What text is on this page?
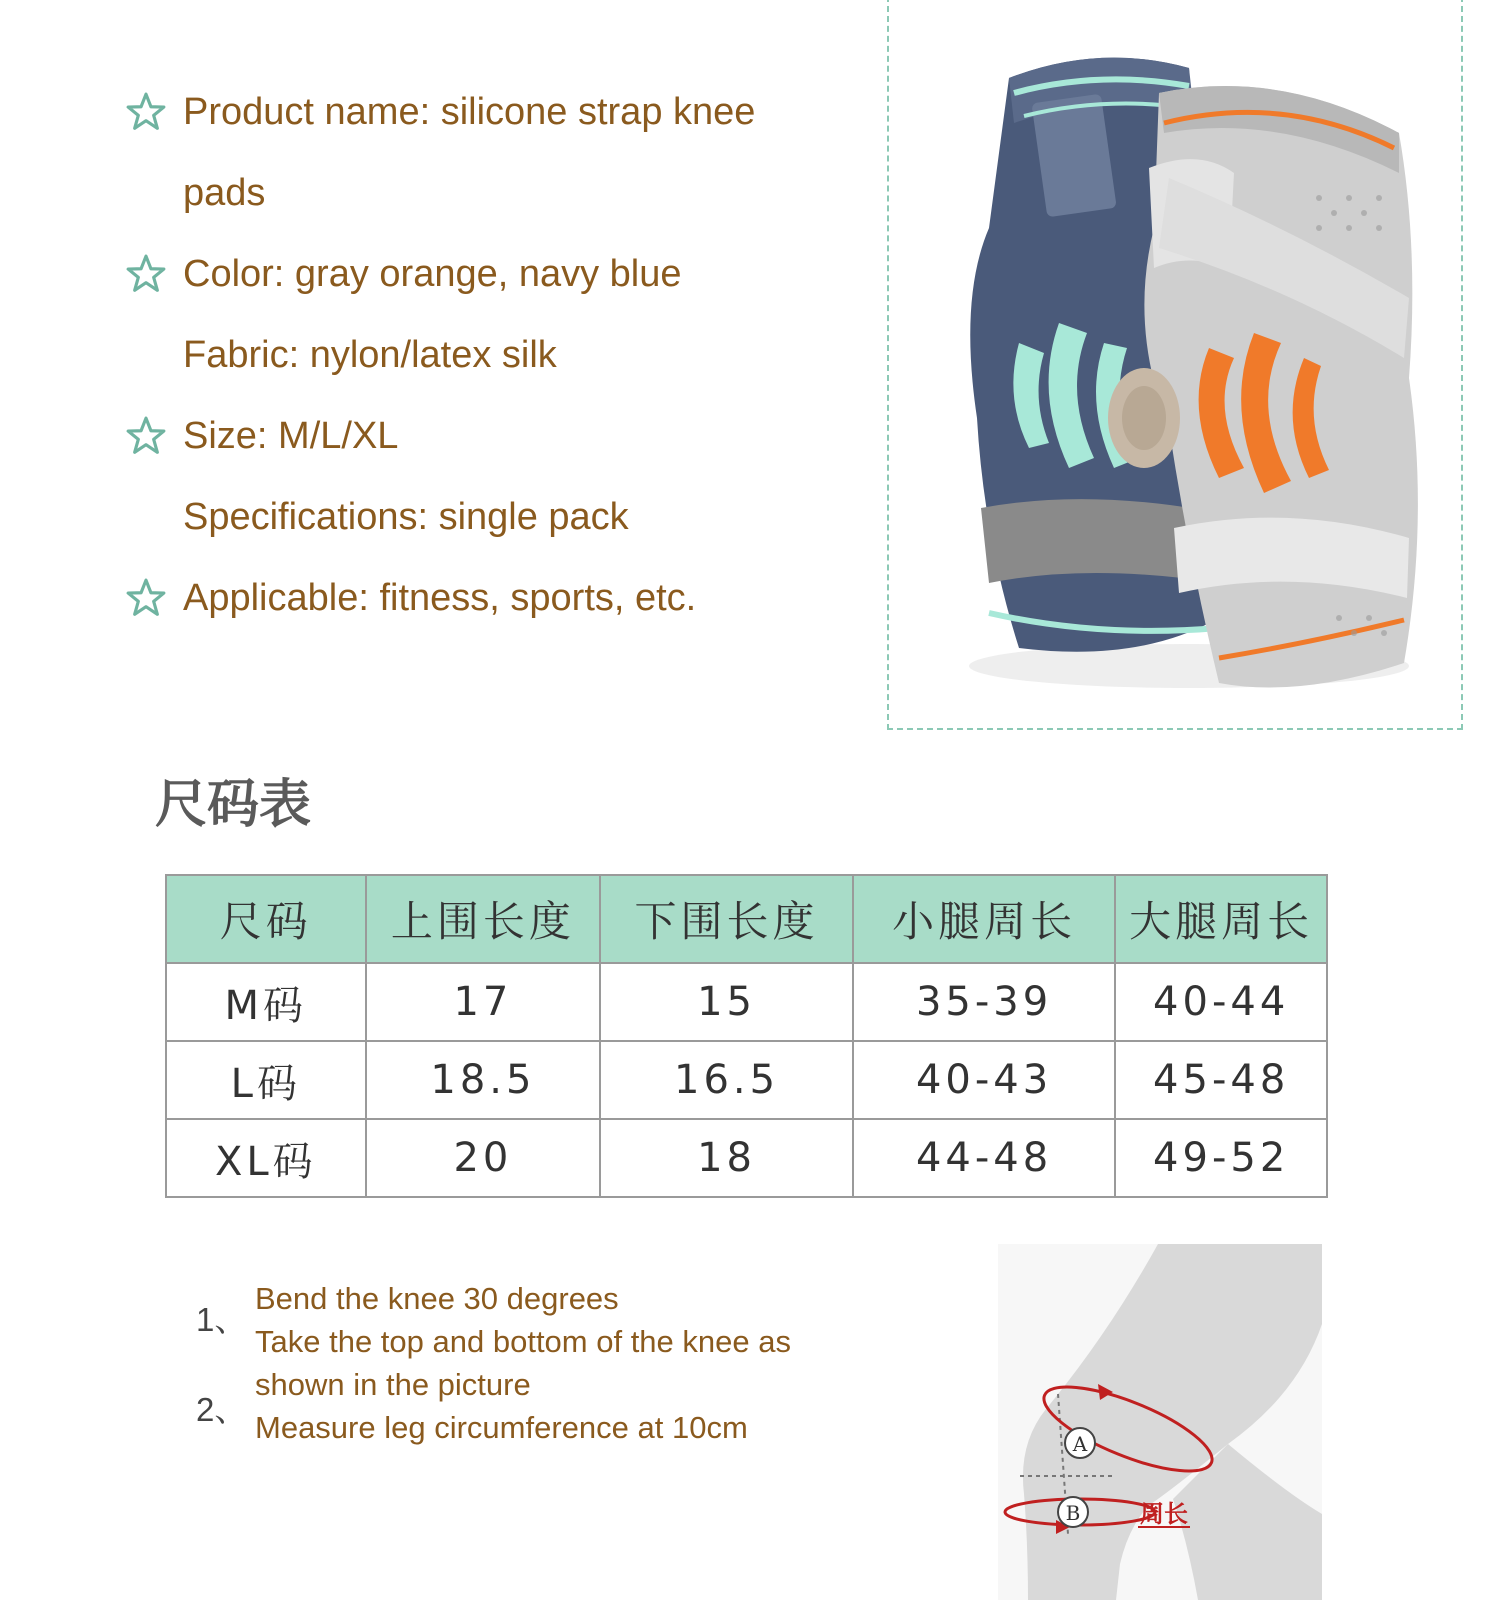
Product name: silicone strap knee
pads
Color: gray orange, navy blue
Fabric: nylon/latex silk
Size: M/L/XL
Specifications: single pack
Applicable: fitness, sports, etc.
尺码表
尺码	上围长度	下围长度	小腿周长	大腿周长
M码	17	15	35-39	40-44
L码	18.5	16.5	40-43	45-48
XL码	20	18	44-48	49-52
1、
2、
Bend the knee 30 degrees
Take the top and bottom of the knee as
shown in the picture
Measure leg circumference at 10cm	A
B 周长
